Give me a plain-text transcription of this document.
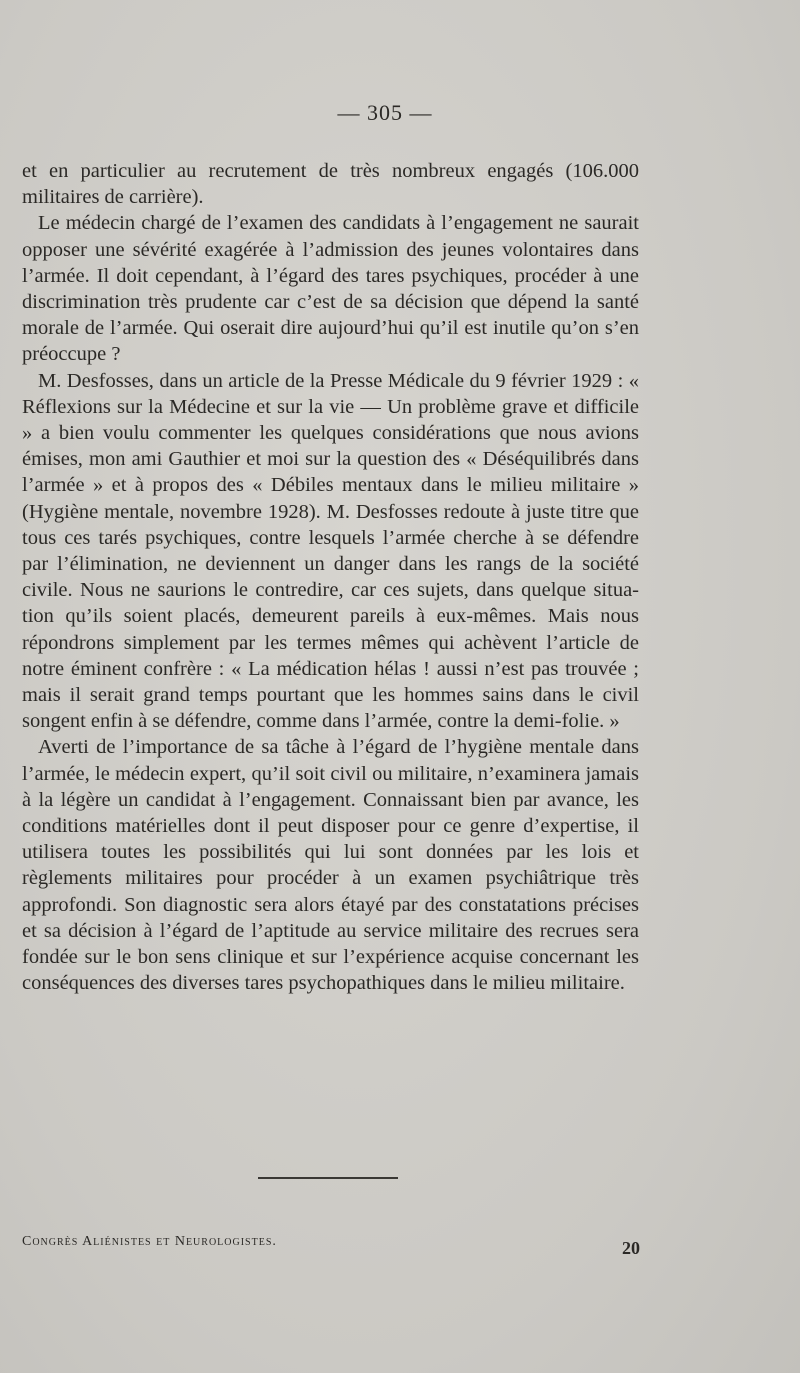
— 305 —

et en particulier au recrutement de très nombreux engagés (106.000 militaires de carrière).

Le médecin chargé de l’examen des candidats à l’engagement ne saurait opposer une sévérité exagérée à l’admission des jeunes volontaires dans l’armée. Il doit cependant, à l’égard des tares psychiques, procéder à une discrimination très prudente car c’est de sa décision que dépend la santé morale de l’armée. Qui oserait dire aujourd’hui qu’il est inutile qu’on s’en préoccupe ?

M. Desfosses, dans un article de la Presse Médicale du 9 février 1929 : « Réflexions sur la Médecine et sur la vie — Un problème grave et difficile » a bien voulu commenter les quelques considérations que nous avions émises, mon ami Gauthier et moi sur la question des « Déséquilibrés dans l’armée » et à propos des « Débiles mentaux dans le milieu militaire » (Hygiène mentale, novembre 1928). M. Desfosses redoute à juste titre que tous ces tarés psychiques, contre lesquels l’armée cherche à se défendre par l’élimination, ne deviennent un danger dans les rangs de la société civile. Nous ne saurions le contredire, car ces sujets, dans quelque situation qu’ils soient placés, demeurent pareils à eux-mêmes. Mais nous répondrons simplement par les termes mêmes qui achèvent l’article de notre éminent confrère : « La médication hélas ! aussi n’est pas trouvée ; mais il serait grand temps pourtant que les hommes sains dans le civil songent enfin à se défendre, comme dans l’armée, contre la demi-folie. »

Averti de l’importance de sa tâche à l’égard de l’hygiène mentale dans l’armée, le médecin expert, qu’il soit civil ou militaire, n’examinera jamais à la légère un candidat à l’engagement. Connaissant bien par avance, les conditions matérielles dont il peut disposer pour ce genre d’expertise, il utilisera toutes les possibilités qui lui sont données par les lois et règlements militaires pour procéder à un examen psychiâtrique très approfondi. Son diagnostic sera alors étayé par des constatations précises et sa décision à l’égard de l’aptitude au service militaire des recrues sera fondée sur le bon sens clinique et sur l’expérience acquise concernant les conséquences des diverses tares psychopathiques dans le milieu militaire.

Congrès Aliénistes et Neurologistes.	20
